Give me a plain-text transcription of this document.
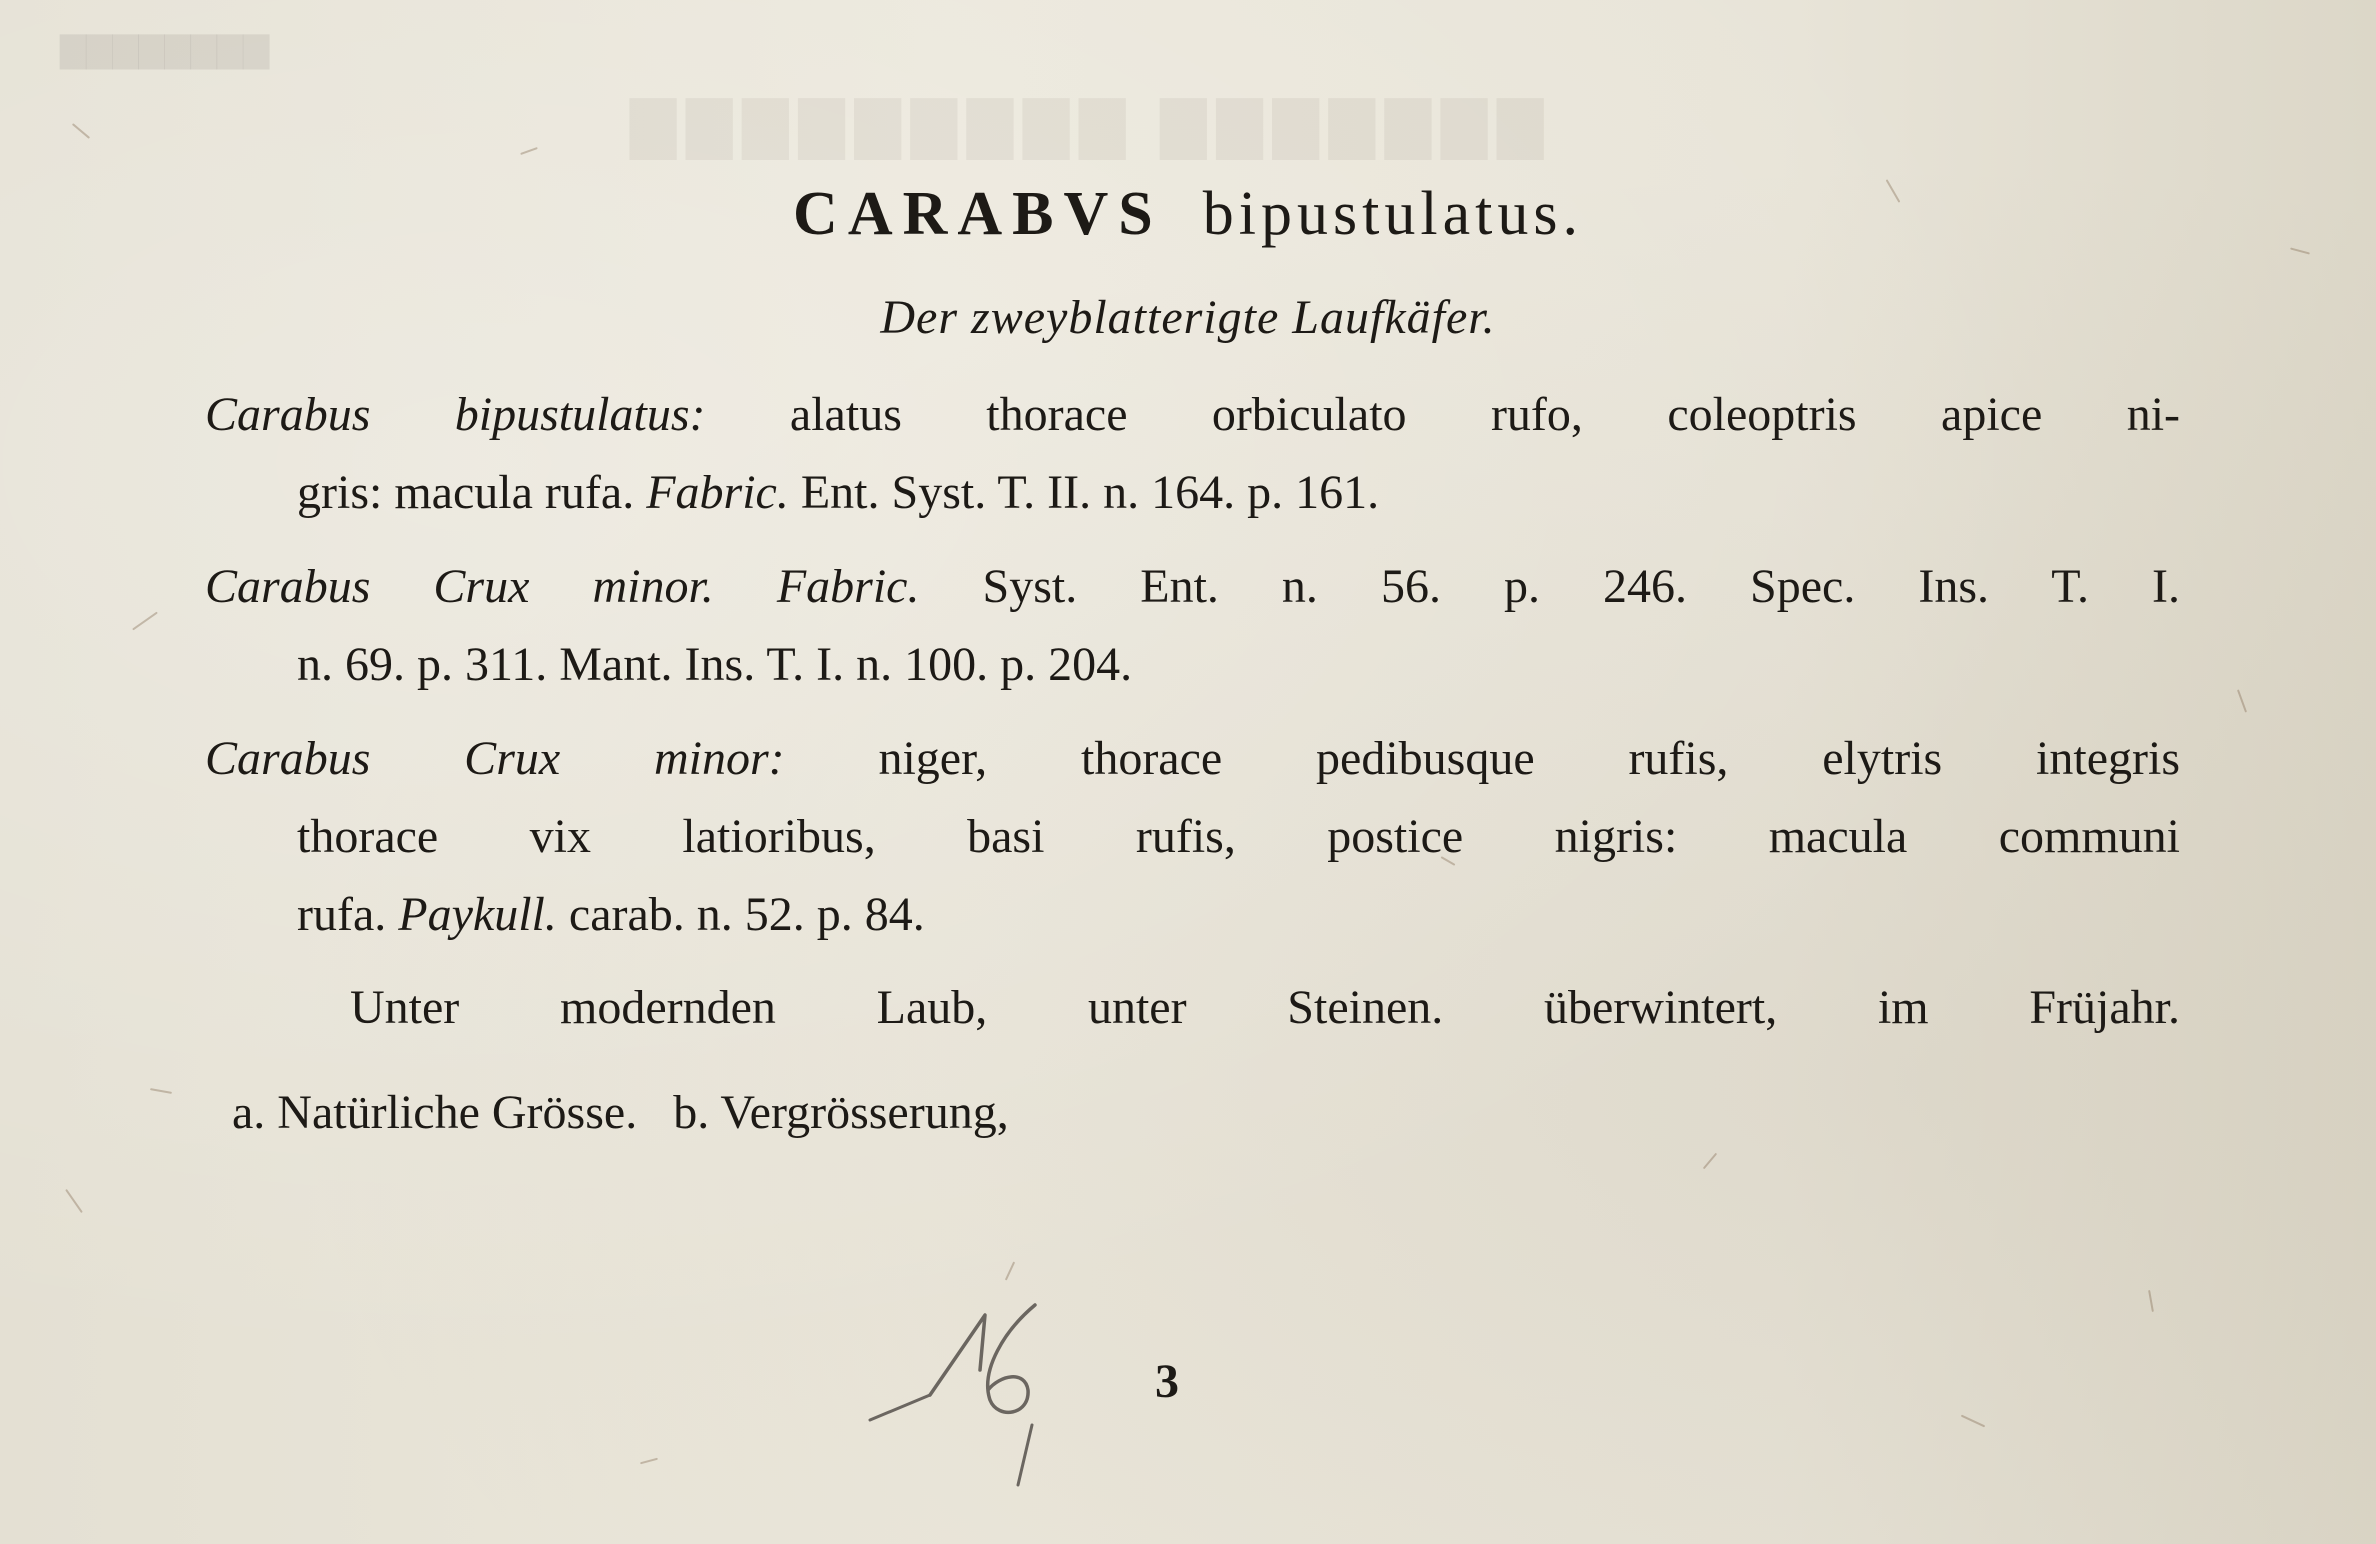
▇▇▇▇▇▇▇▇
▇▇▇▇▇▇▇ ▇▇▇▇▇▇▇▇▇
CARABVS bipustulatus.
Der zweyblatterigte Laufkäfer.
Carabus bipustulatus: alatus thorace orbiculato rufo, coleoptris apice ni-
gris: macula rufa. Fabric. Ent. Syst. T. II. n. 164. p. 161.
Carabus Crux minor. Fabric. Syst. Ent. n. 56. p. 246. Spec. Ins. T. I.
n. 69. p. 311. Mant. Ins. T. I. n. 100. p. 204.
Carabus Crux minor: niger, thorace pedibusque rufis, elytris integris
thorace vix latioribus, basi rufis, postice nigris: macula communi
rufa. Paykull. carab. n. 52. p. 84.
Unter modernden Laub, unter Steinen. überwintert, im Früjahr.
a. Natürliche Grösse. b. Vergrösserung,
3
